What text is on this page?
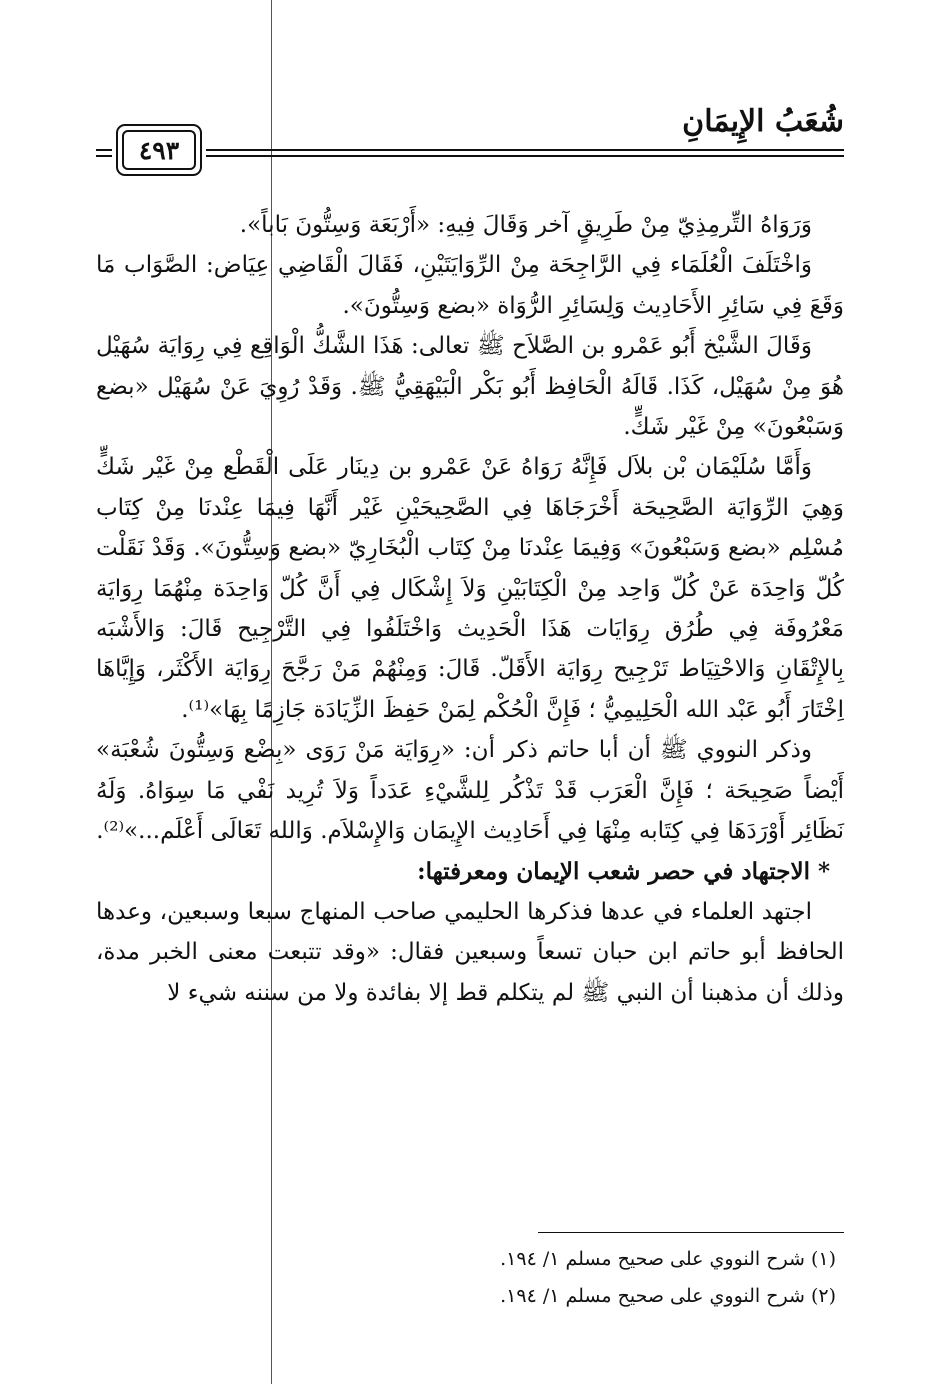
شُعَبُ الإِيمَانِ
٤٩٣

وَرَوَاهُ التِّرمِذِيّ مِنْ طَرِيقٍ آخر وَقَالَ فِيهِ: «أَرْبَعَة وَسِتُّونَ بَاباً».

وَاخْتَلَفَ الْعُلَمَاء فِي الرَّاجِحَة مِنْ الرِّوَايَتَيْنِ، فَقَالَ الْقَاضِي عِيَاض: الصَّوَاب مَا وَقَعَ فِي سَائِرِ الأَحَادِيث وَلِسَائِرِ الرُّوَاة «بضع وَسِتُّونَ».

وَقَالَ الشَّيْخ أَبُو عَمْرو بن الصَّلاَح ﷺ تعالى: هَذَا الشَّكُّ الْوَاقِع فِي رِوَايَة سُهَيْل هُوَ مِنْ سُهَيْل، كَذَا. قَالَهُ الْحَافِظ أَبُو بَكْر الْبَيْهَقِيُّ ﷺ. وَقَدْ رُوِيَ عَنْ سُهَيْل «بضع وَسَبْعُونَ» مِنْ غَيْر شَكٍّ.

وَأَمَّا سُلَيْمَان بْن بلاَل فَإِنَّهُ رَوَاهُ عَنْ عَمْرو بن دِينَار عَلَى الْقَطْع مِنْ غَيْر شَكٍّ وَهِيَ الرِّوَايَة الصَّحِيحَة أَخْرَجَاهَا فِي الصَّحِيحَيْنِ غَيْر أَنَّهَا فِيمَا عِنْدنَا مِنْ كِتَاب مُسْلِم «بضع وَسَبْعُونَ» وَفِيمَا عِنْدنَا مِنْ كِتَاب الْبُخَارِيّ «بضع وَسِتُّونَ». وَقَدْ نَقَلْت كُلّ وَاحِدَة عَنْ كُلّ وَاحِد مِنْ الْكِتَابَيْنِ وَلاَ إِشْكَال فِي أَنَّ كُلّ وَاحِدَة مِنْهُمَا رِوَايَة مَعْرُوفَة فِي طُرُق رِوَايَات هَذَا الْحَدِيث وَاخْتَلَفُوا فِي التَّرْجِيح قَالَ: وَالأَشْبَه بِالإِتْقَانِ وَالاحْتِيَاط تَرْجِيح رِوَايَة الأَقَلّ. قَالَ: وَمِنْهُمْ مَنْ رَجَّحَ رِوَايَة الأَكْثَر، وَإِيَّاهَا اِخْتَارَ أَبُو عَبْد الله الْحَلِيمِيُّ ؛ فَإِنَّ الْحُكْم لِمَنْ حَفِظَ الزِّيَادَة جَازِمًا بِهَا»⁽¹⁾.

وذكر النووي ﷺ أن أبا حاتم ذكر أن: «رِوَايَة مَنْ رَوَى «بِضْع وَسِتُّونَ شُعْبَة» أَيْضاً صَحِيحَة ؛ فَإِنَّ الْعَرَب قَدْ تَذْكُر لِلشَّيْءِ عَدَداً وَلاَ تُرِيد نَفْي مَا سِوَاهُ. وَلَهُ نَظَائِر أَوْرَدَهَا فِي كِتَابه مِنْهَا فِي أَحَادِيث الإِيمَان وَالإِسْلاَم. وَالله تَعَالَى أَعْلَم...»⁽²⁾.

* الاجتهاد في حصر شعب الإيمان ومعرفتها:

اجتهد العلماء في عدها فذكرها الحليمي صاحب المنهاج سبعا وسبعين، وعدها الحافظ أبو حاتم ابن حبان تسعاً وسبعين فقال: «وقد تتبعت معنى الخبر مدة، وذلك أن مذهبنا أن النبي ﷺ لم يتكلم قط إلا بفائدة ولا من سننه شيء لا

(١) شرح النووي على صحيح مسلم ١/ ١٩٤.
(٢) شرح النووي على صحيح مسلم ١/ ١٩٤.
